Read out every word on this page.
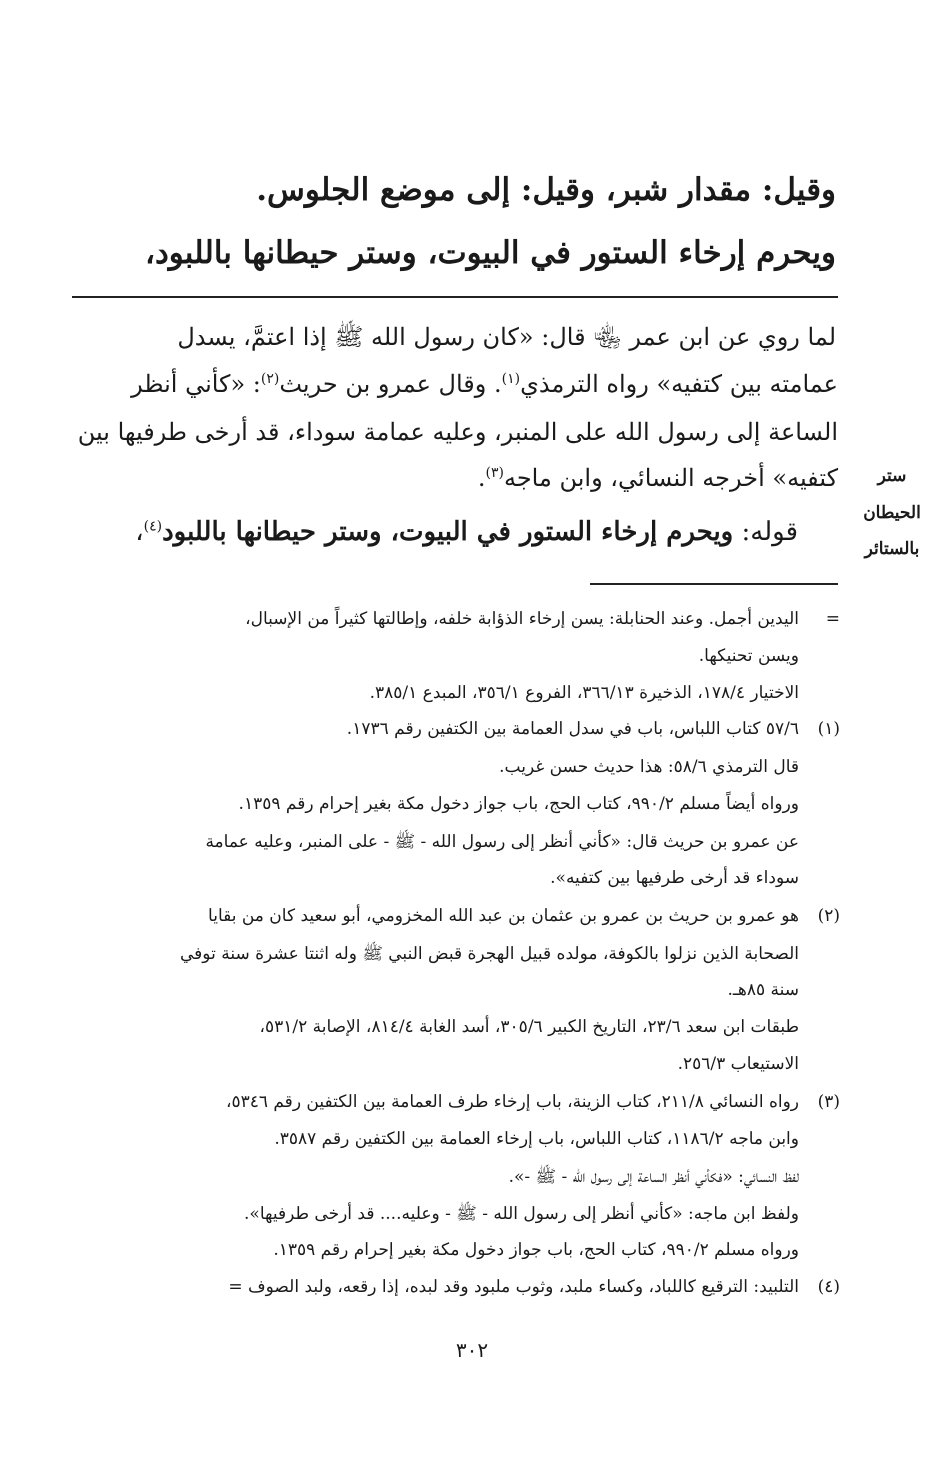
وقيل: مقدار شبر، وقيل: إلى موضع الجلوس.
ويحرم إرخاء الستور في البيوت، وستر حيطانها باللبود،
لما روي عن ابن عمر ﵄ قال: «كان رسول الله ﷺ إذا اعتمَّ، يسدل
عمامته بين كتفيه» رواه الترمذي$^{(١)}$. وقال عمرو بن حريث$^{(٢)}$: «كأني أنظر
الساعة إلى رسول الله على المنبر، وعليه عمامة سوداء، قد أرخى طرفيها بين
كتفيه» أخرجه النسائي، وابن ماجه$^{(٣)}$.
قوله: ويحرم إرخاء الستور في البيوت، وستر حيطانها باللبود$^{(٤)}$،
ستر
الحيطان
بالستائر
=
اليدين أجمل. وعند الحنابلة: يسن إرخاء الذؤابة خلفه، وإطالتها كثيراً من الإسبال،
ويسن تحنيكها.
الاختيار ١٧٨/٤، الذخيرة ٣٦٦/١٣، الفروع ٣٥٦/١، المبدع ٣٨٥/١.
(١)
٥٧/٦ كتاب اللباس، باب في سدل العمامة بين الكتفين رقم ١٧٣٦.
قال الترمذي ٥٨/٦: هذا حديث حسن غريب.
ورواه أيضاً مسلم ٩٩٠/٢، كتاب الحج، باب جواز دخول مكة بغير إحرام رقم ١٣٥٩.
عن عمرو بن حريث قال: «كأني أنظر إلى رسول الله - ﷺ - على المنبر، وعليه عمامة
سوداء قد أرخى طرفيها بين كتفيه».
(٢)
هو عمرو بن حريث بن عمرو بن عثمان بن عبد الله المخزومي، أبو سعيد كان من بقايا
الصحابة الذين نزلوا بالكوفة، مولده قبيل الهجرة قبض النبي ﷺ وله اثنتا عشرة سنة توفي
سنة ٨٥هـ.
طبقات ابن سعد ٢٣/٦، التاريخ الكبير ٣٠٥/٦، أسد الغابة ٨١٤/٤، الإصابة ٥٣١/٢،
الاستيعاب ٢٥٦/٣.
(٣)
رواه النسائي ٢١١/٨، كتاب الزينة، باب إرخاء طرف العمامة بين الكتفين رقم ٥٣٤٦،
وابن ماجه ١١٨٦/٢، كتاب اللباس، باب إرخاء العمامة بين الكتفين رقم ٣٥٨٧.
لفظ النسائي: «فكأني أنظر الساعة إلى رسول الله - ﷺ -».
ولفظ ابن ماجه: «كأني أنظر إلى رسول الله - ﷺ - وعليه.... قد أرخى طرفيها».
ورواه مسلم ٩٩٠/٢، كتاب الحج، باب جواز دخول مكة بغير إحرام رقم ١٣٥٩.
(٤)
التلبيد: الترقيع كاللباد، وكساء ملبد، وثوب ملبود وقد لبده، إذا رقعه، ولبد الصوف =
٣٠٢
